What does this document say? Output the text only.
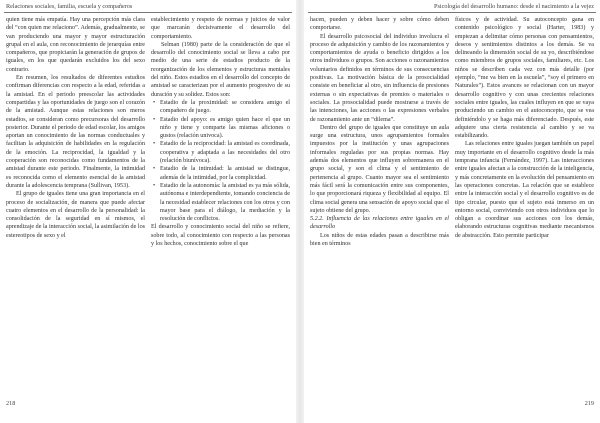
Relaciones sociales, familia, escuela y compañeros

quien tiene más empatía. Hay una percepción más clara del “con quien me relaciono”. Además, gradualmente, se van produciendo una mayor y mayor estructuración grupal en el aula, con reconocimiento de jerarquías entre compañeros, que propiciarán la generación de grupos de iguales, en los que quedarán excluidos los del sexo contrario.

En resumen, los resultados de diferentes estudios confirman diferencias con respecto a la edad, referidas a la amistad. En el periodo preescolar las actividades compartidas y las oportunidades de juego son el corazón de la amistad. Aunque estas relaciones son meros estadios, se consideran como precursoras del desarrollo posterior. Durante el periodo de edad escolar, los amigos aportan un conocimiento de las normas conductuales y facilitan la adquisición de habilidades en la regulación de la emoción. La reciprocidad, la igualdad y la cooperación son reconocidas como fundamentos de la amistad durante este periodo. Finalmente, la intimidad es reconocida como el elemento esencial de la amistad durante la adolescencia temprana (Sullivan, 1953).

El grupo de iguales tiene una gran importancia en el proceso de socialización, de manera que puede afectar cuatro elementos en el desarrollo de la personalidad: la consolidación de la seguridad en sí mismos, el aprendizaje de la interacción social, la asimilación de los estereotipos de sexo y el

establecimiento y respeto de normas y juicios de valor que marcarán decisivamente el desarrollo del comportamiento.

Selman (1980) parte de la consideración de que el desarrollo del conocimiento social se lleva a cabo por medio de una serie de estadios producto de la reorganización de los elementos y estructuras mentales del niño. Estos estadios en el desarrollo del concepto de amistad se caracterizan por el aumento progresivo de su duración y su solidez. Estos son:

• Estadio de la proximidad: se considera amigo el compañero de juego.
• Estadio del apoyo: es amigo quien hace el que un niño y tiene y comparte las mismas aficiones o gustos (relación univoca).
• Estadio de la reciprocidad: la amistad es coordinada, cooperativa y adaptada a las necesidades del otro (relación biunívoca).
• Estadio de la intimidad: la amistad se distingue, además de la intimidad, por la complicidad.
• Estadio de la autonomía: la amistad es ya más sólida, autónoma e interdependiente, tomando conciencia de la necesidad establecer relaciones con los otros y con mayor base para el diálogo, la mediación y la resolución de conflictos.

El desarrollo y conocimiento social del niño se refiere, sobre todo, al conocimiento con respecto a las personas y los hechos, conocimiento sobre el que

218
Psicología del desarrollo humano: desde el nacimiento a la vejez

hacen, pueden y deben hacer y sobre cómo deben comportarse.

El desarrollo psicosocial del individuo involucra el proceso de adquisición y cambio de los razonamientos y comportamientos de ayuda o beneficio dirigidos a los otros individuos o grupos. Son acciones o razonamientos voluntarios definidos en términos de sus consecuencias positivas. La motivación básica de la prosocialidad consiste en beneficiar al otro, sin influencia de presiones externas o sin expectativas de premios o materiales o sociales. La prosocialidad puede mostrarse a través de las intenciones, las acciones o las expresiones verbales de razonamiento ante un “dilema”.

Dentro del grupo de iguales que constituye un aula surge una estructura, unos agrupamientos formales impuestos por la institución y unas agrupaciones informales reguladas por sus propias normas. Hay además dos elementos que influyen sobremanera en el grupo social, y son el clima y el sentimiento de pertenencia al grupo. Cuanto mayor sea el sentimiento más fácil será la comunicación entre sus componentes, lo que proporcionará riqueza y flexibilidad al equipo. El clima social genera una sensación de apoyo social que el sujeto obtiene del grupo.

5.2.2. Influencia de las relaciones entre iguales en el desarrollo

Los niños de estas edades pasan a describirse más bien en términos

físicos y de actividad. Su autoconcepto gana en contenido psicológico y social (Harter, 1983) y empiezan a delimitar cómo personas con pensamientos, deseos y sentimientos distintos a los demás. Se va delineando la dimensión social de su yo, describiéndose como miembros de grupos sociales, familiares, etc. Los niños se describen cada vez con más detalle (por ejemplo, “me va bien en la escuela”, “soy el primero en Naturales”). Estos avances se relacionan con un mayor desarrollo cognitivo y con unas crecientes relaciones sociales entre iguales, las cuales influyen en que se vaya produciendo un cambio en el autoconcepto, que se vea definiéndolo y se haga más diferenciado. Después, este adquiere una cierta resistencia al cambio y se va estabilizando.

Las relaciones entre iguales juegan también un papel muy importante en el desarrollo cognitivo desde la más temprana infancia (Fernández, 1997). Las interacciones entre iguales afectan a la construcción de la inteligencia, y más concretamente en la evolución del pensamiento en las operaciones concretas. La relación que se establece entre la interacción social y el desarrollo cognitivo es de tipo circular, puesto que el sujeto está inmerso en un entorno social, conviviendo con otros individuos que lo obligan a coordinar sus acciones con los demás, elaborando estructuras cognitivas mediante mecanismos de abstracción. Esto permite participar

219
